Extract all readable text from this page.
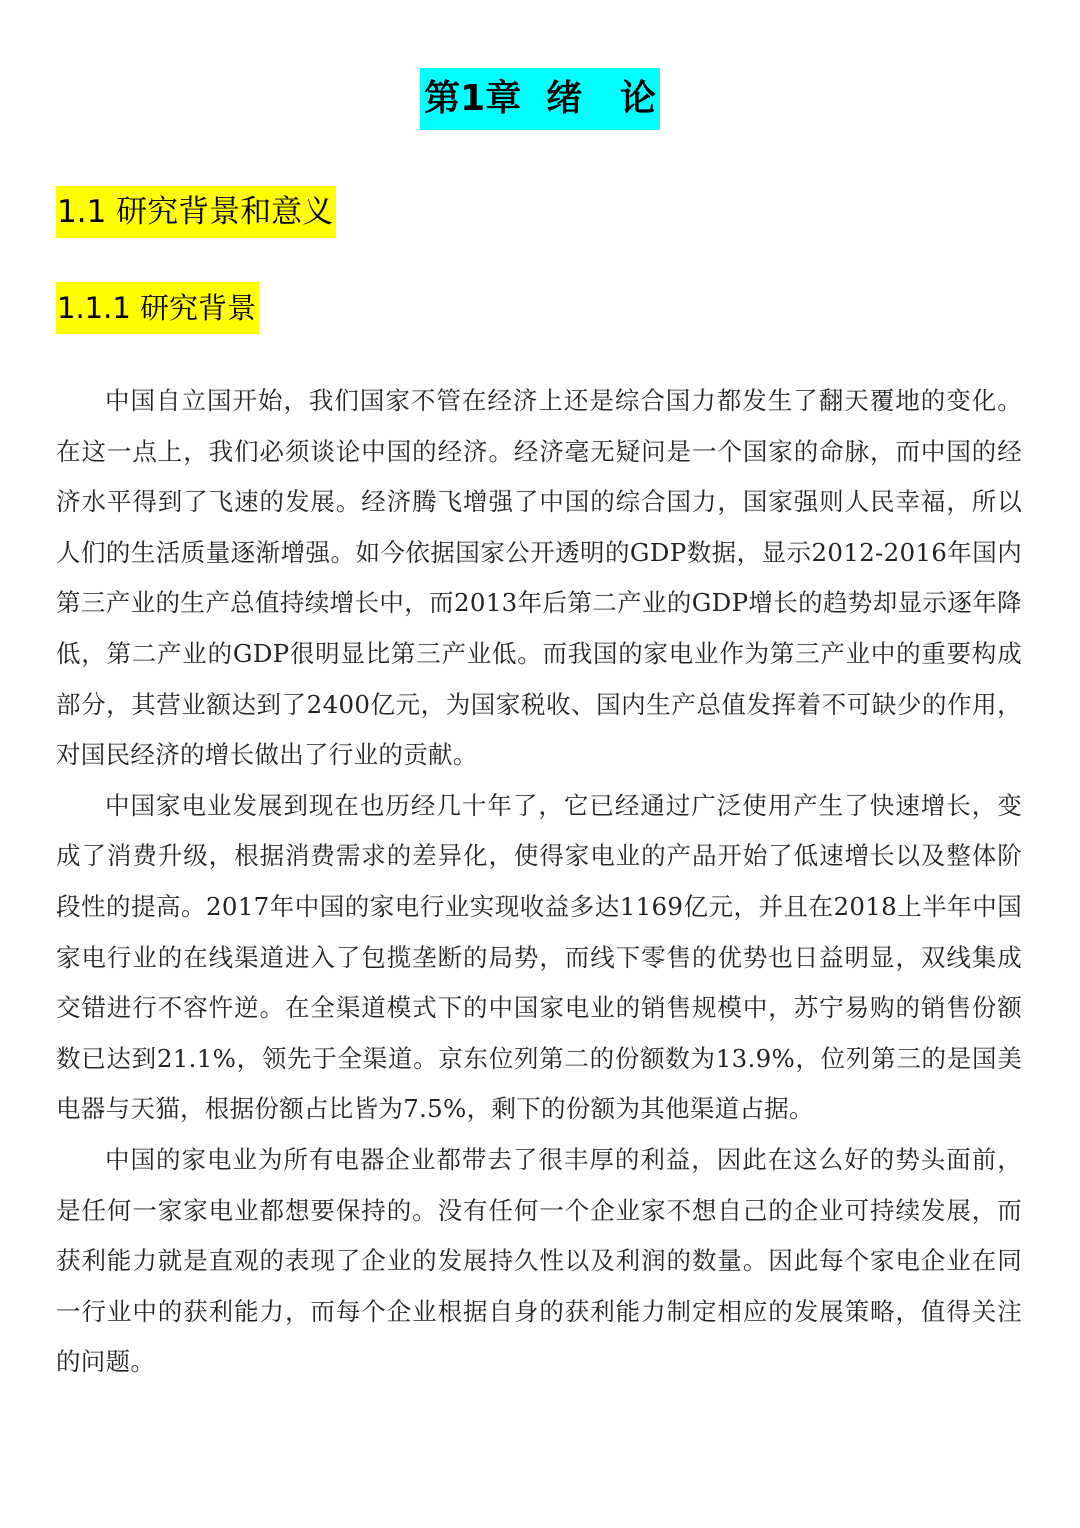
第1章  绪   论
1.1 研究背景和意义
1.1.1 研究背景

中国自立国开始，我们国家不管在经济上还是综合国力都发生了翻天覆地的变化。在这一点上，我们必须谈论中国的经济。经济毫无疑问是一个国家的命脉，而中国的经济水平得到了飞速的发展。经济腾飞增强了中国的综合国力，国家强则人民幸福，所以人们的生活质量逐渐增强。如今依据国家公开透明的GDP数据，显示2012-2016年国内第三产业的生产总值持续增长中，而2013年后第二产业的GDP增长的趋势却显示逐年降低，第二产业的GDP很明显比第三产业低。而我国的家电业作为第三产业中的重要构成部分，其营业额达到了2400亿元，为国家税收、国内生产总值发挥着不可缺少的作用，对国民经济的增长做出了行业的贡献。

中国家电业发展到现在也历经几十年了，它已经通过广泛使用产生了快速增长，变成了消费升级，根据消费需求的差异化，使得家电业的产品开始了低速增长以及整体阶段性的提高。2017年中国的家电行业实现收益多达1169亿元，并且在2018上半年中国家电行业的在线渠道进入了包揽垄断的局势，而线下零售的优势也日益明显，双线集成交错进行不容忤逆。在全渠道模式下的中国家电业的销售规模中，苏宁易购的销售份额数已达到21.1%，领先于全渠道。京东位列第二的份额数为13.9%，位列第三的是国美电器与天猫，根据份额占比皆为7.5%，剩下的份额为其他渠道占据。

中国的家电业为所有电器企业都带去了很丰厚的利益，因此在这么好的势头面前，是任何一家家电业都想要保持的。没有任何一个企业家不想自己的企业可持续发展，而获利能力就是直观的表现了企业的发展持久性以及利润的数量。因此每个家电企业在同一行业中的获利能力，而每个企业根据自身的获利能力制定相应的发展策略，值得关注的问题。
